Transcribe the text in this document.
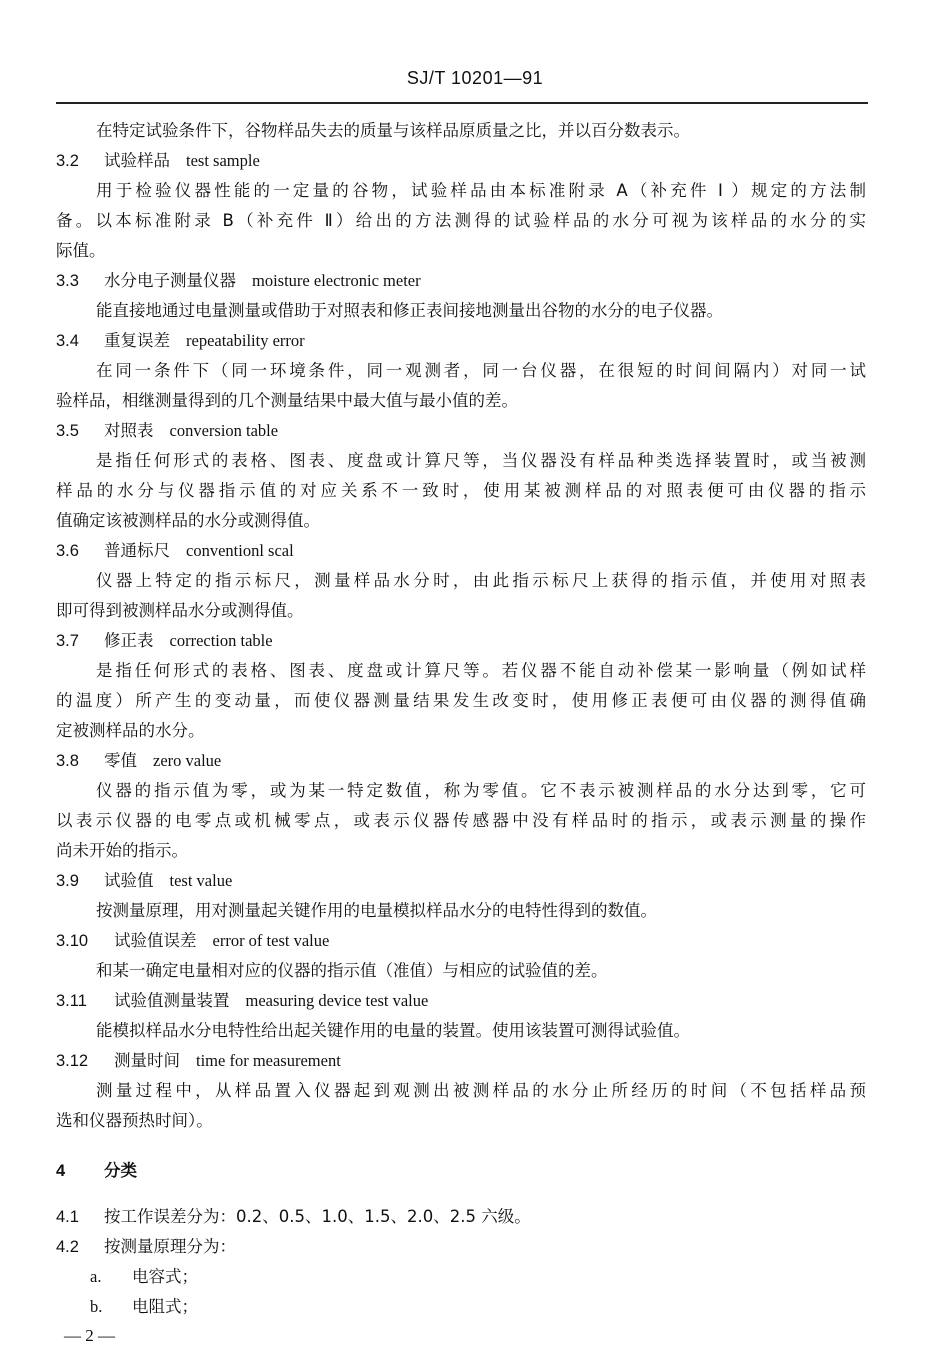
SJ/T 10201—91
在特定试验条件下，谷物样品失去的质量与该样品原质量之比，并以百分数表示。
3.2 试验样品 test sample
用于检验仪器性能的一定量的谷物，试验样品由本标准附录 A（补充件 I ）规定的方法制
备。以本标准附录 B（补充件 Ⅱ）给出的方法测得的试验样品的水分可视为该样品的水分的实
际值。
3.3 水分电子测量仪器 moisture electronic meter
能直接地通过电量测量或借助于对照表和修正表间接地测量出谷物的水分的电子仪器。
3.4 重复误差 repeatability error
在同一条件下（同一环境条件，同一观测者，同一台仪器，在很短的时间间隔内）对同一试
验样品，相继测量得到的几个测量结果中最大值与最小值的差。
3.5 对照表 conversion table
是指任何形式的表格、图表、度盘或计算尺等，当仪器没有样品种类选择装置时，或当被测
样品的水分与仪器指示值的对应关系不一致时，使用某被测样品的对照表便可由仪器的指示
值确定该被测样品的水分或测得值。
3.6 普通标尺 conventionl scal
仪器上特定的指示标尺，测量样品水分时，由此指示标尺上获得的指示值，并使用对照表
即可得到被测样品水分或测得值。
3.7 修正表 correction table
是指任何形式的表格、图表、度盘或计算尺等。若仪器不能自动补偿某一影响量（例如试样
的温度）所产生的变动量，而使仪器测量结果发生改变时，使用修正表便可由仪器的测得值确
定被测样品的水分。
3.8 零值 zero value
仪器的指示值为零，或为某一特定数值，称为零值。它不表示被测样品的水分达到零，它可
以表示仪器的电零点或机械零点，或表示仪器传感器中没有样品时的指示，或表示测量的操作
尚未开始的指示。
3.9 试验值 test value
按测量原理，用对测量起关键作用的电量模拟样品水分的电特性得到的数值。
3.10 试验值误差 error of test value
和某一确定电量相对应的仪器的指示值（准值）与相应的试验值的差。
3.11 试验值测量装置 measuring device test value
能模拟样品水分电特性给出起关键作用的电量的装置。使用该装置可测得试验值。
3.12 测量时间 time for measurement
测量过程中，从样品置入仪器起到观测出被测样品的水分止所经历的时间（不包括样品预
选和仪器预热时间）。
4 分类
4.1 按工作误差分为：0.2、0.5、1.0、1.5、2.0、2.5 六级。
4.2 按测量原理分为：
a. 电容式；
b. 电阻式；
— 2 —
